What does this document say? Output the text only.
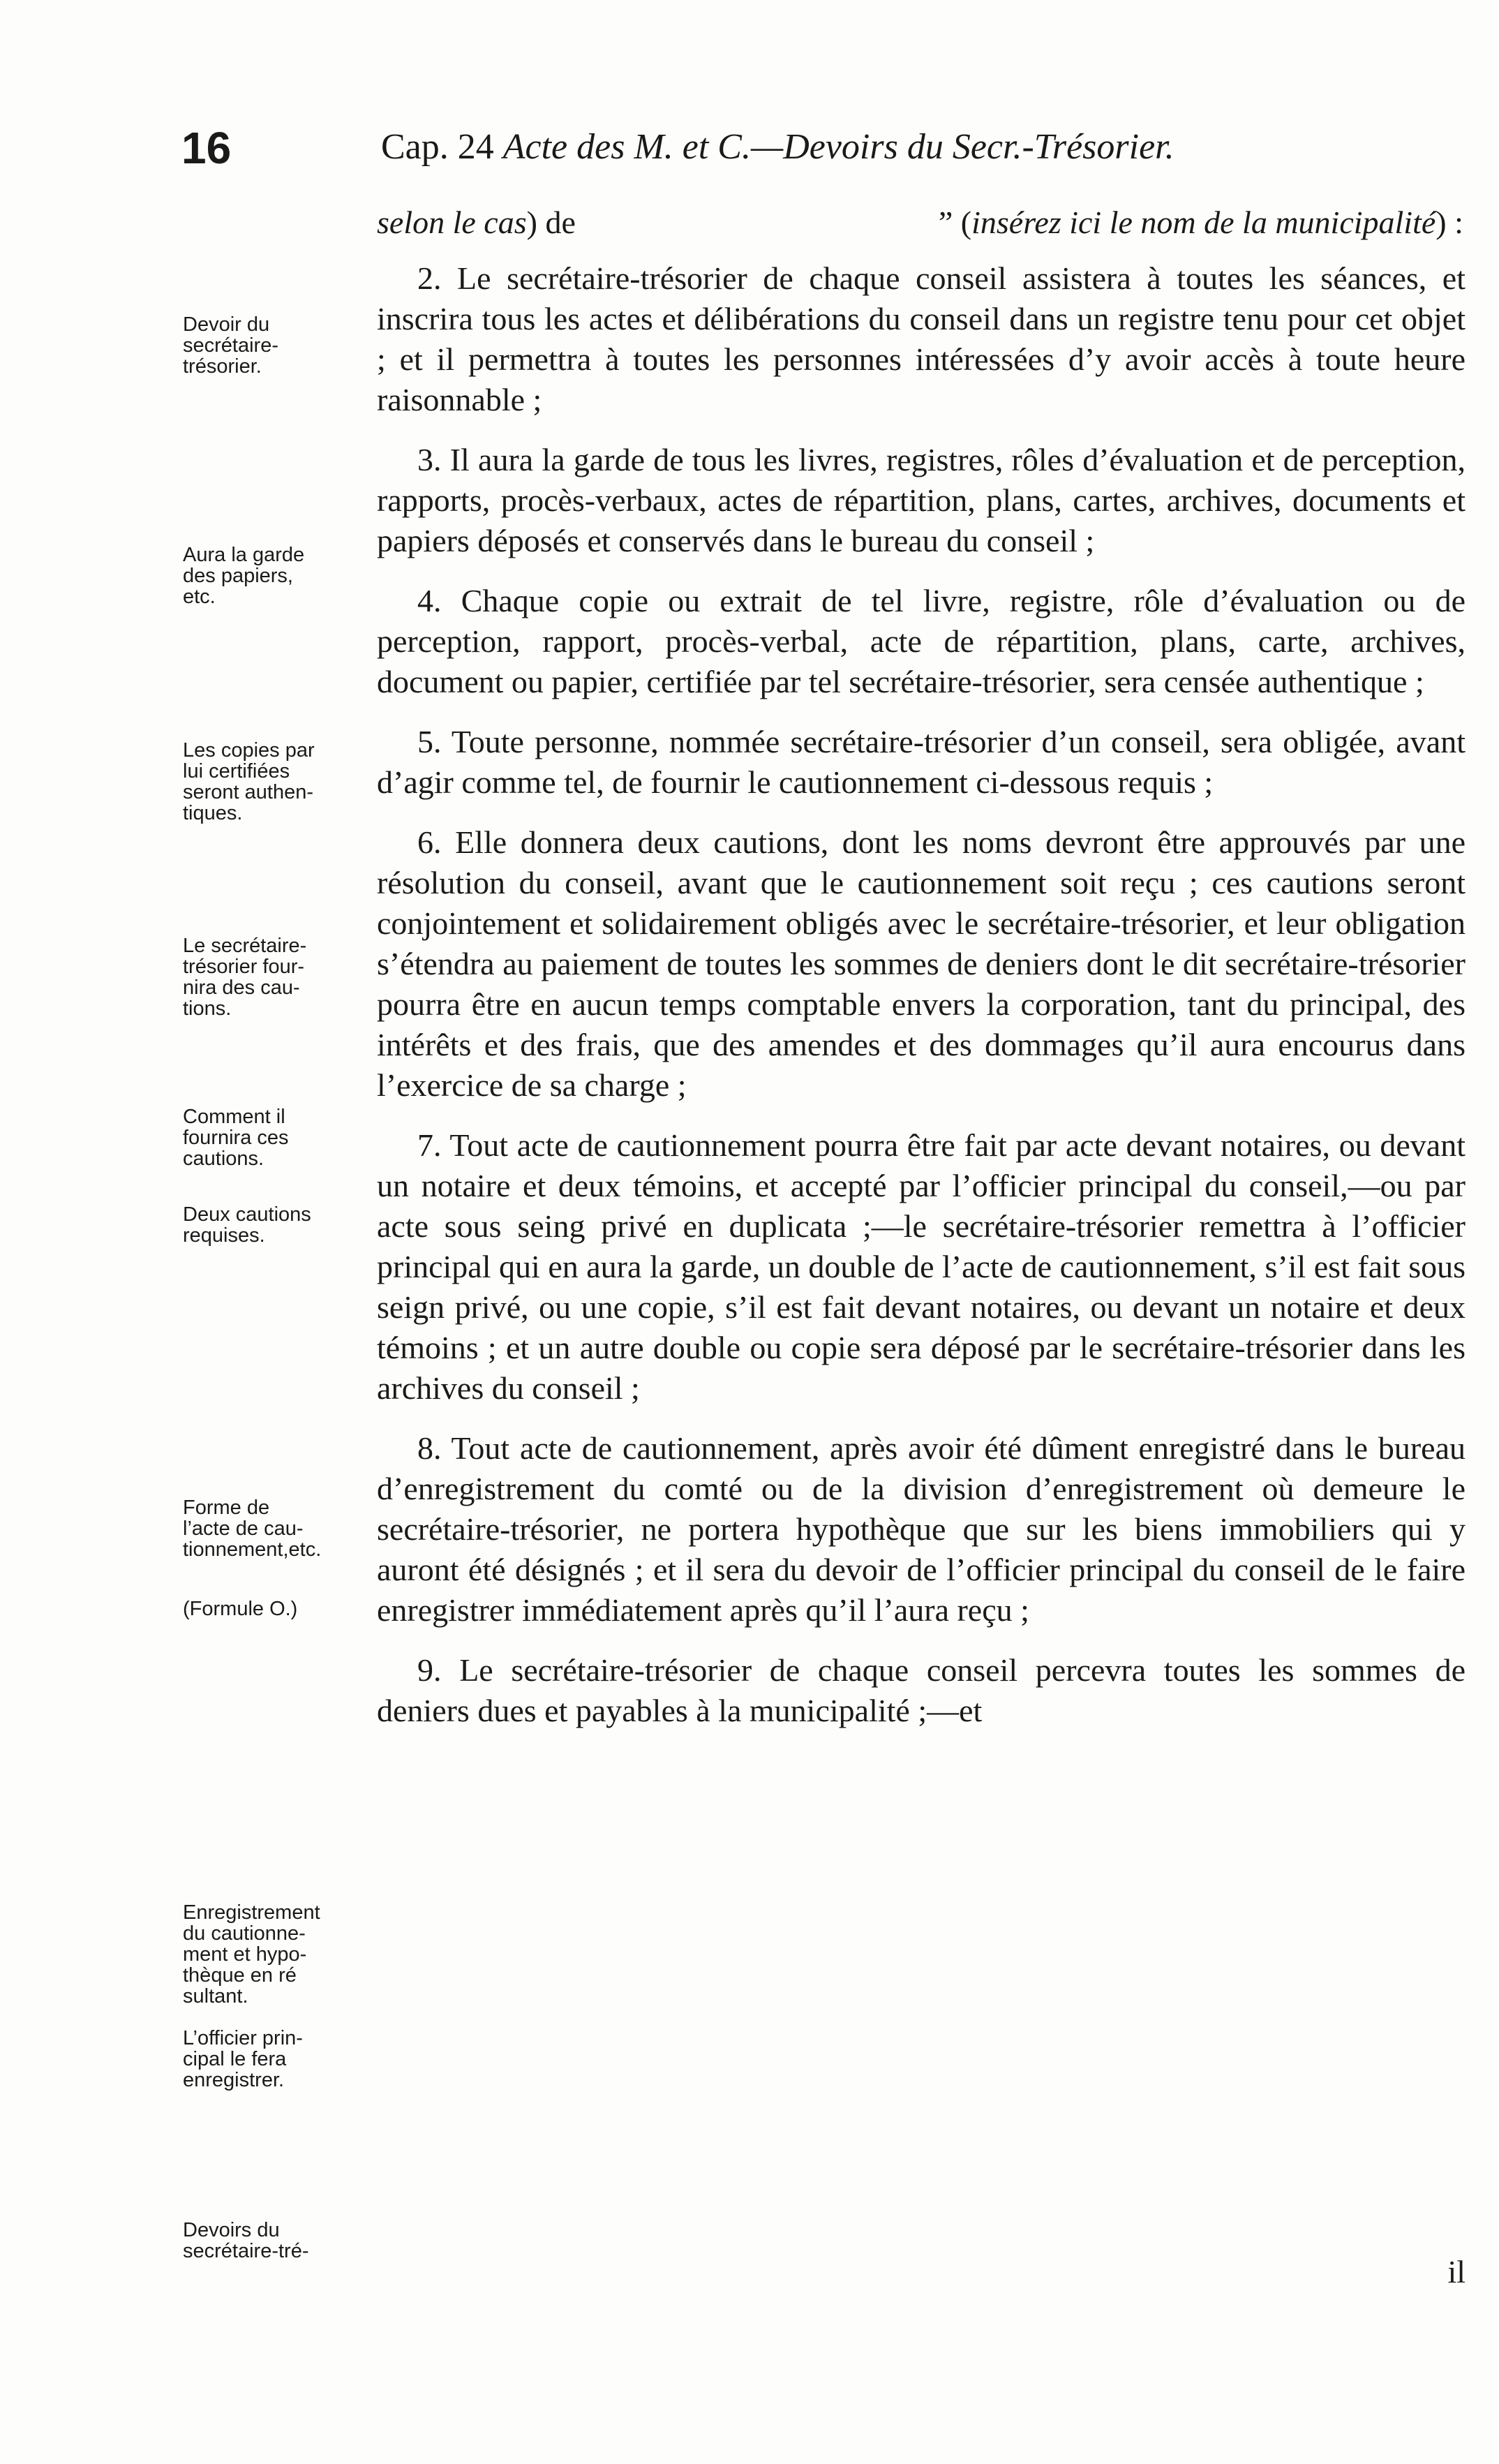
16	Cap. 24 Acte des M. et C.—Devoirs du Secr.-Trésorier.
Devoir du
secrétaire-
trésorier.
Aura la garde
des papiers,
etc.
Les copies par
lui certifiées
seront authen-
tiques.
Le secrétaire-
trésorier four-
nira des cau-
tions.
Comment il
fournira ces
cautions.
Deux cautions
requises.
Forme de
l’acte de cau-
tionnement,etc.
(Formule O.)
Enregistrement
du cautionne-
ment et hypo-
thèque en ré
sultant.
L’officier prin-
cipal le fera
enregistrer.
Devoirs du
secrétaire-tré-

selon le cas) de	” (insérez ici le nom de la municipalité) :

2. Le secrétaire-trésorier de chaque conseil assistera à toutes les séances, et inscrira tous les actes et délibérations du conseil dans un registre tenu pour cet objet ; et il permettra à toutes les personnes intéressées d’y avoir accès à toute heure raisonnable ;

3. Il aura la garde de tous les livres, registres, rôles d’évaluation et de perception, rapports, procès-verbaux, actes de répartition, plans, cartes, archives, documents et papiers déposés et conservés dans le bureau du conseil ;

4. Chaque copie ou extrait de tel livre, registre, rôle d’évaluation ou de perception, rapport, procès-verbal, acte de répartition, plans, carte, archives, document ou papier, certifiée par tel secrétaire-trésorier, sera censée authentique ;

5. Toute personne, nommée secrétaire-trésorier d’un conseil, sera obligée, avant d’agir comme tel, de fournir le cautionnement ci-dessous requis ;

6. Elle donnera deux cautions, dont les noms devront être approuvés par une résolution du conseil, avant que le cautionnement soit reçu ; ces cautions seront conjointement et solidairement obligés avec le secrétaire-trésorier, et leur obligation s’étendra au paiement de toutes les sommes de deniers dont le dit secrétaire-trésorier pourra être en aucun temps comptable envers la corporation, tant du principal, des intérêts et des frais, que des amendes et des dommages qu’il aura encourus dans l’exercice de sa charge ;

7. Tout acte de cautionnement pourra être fait par acte devant notaires, ou devant un notaire et deux témoins, et accepté par l’officier principal du conseil,—ou par acte sous seing privé en duplicata ;—le secrétaire-trésorier remettra à l’officier principal qui en aura la garde, un double de l’acte de cautionnement, s’il est fait sous seign privé, ou une copie, s’il est fait devant notaires, ou devant un notaire et deux témoins ; et un autre double ou copie sera déposé par le secrétaire-trésorier dans les archives du conseil ;

8. Tout acte de cautionnement, après avoir été dûment enregistré dans le bureau d’enregistrement du comté ou de la division d’enregistrement où demeure le secrétaire-trésorier, ne portera hypothèque que sur les biens immobiliers qui y auront été désignés ; et il sera du devoir de l’officier principal du conseil de le faire enregistrer immédiatement après qu’il l’aura reçu ;

9. Le secrétaire-trésorier de chaque conseil percevra toutes les sommes de deniers dues et payables à la municipalité ;—et

il
